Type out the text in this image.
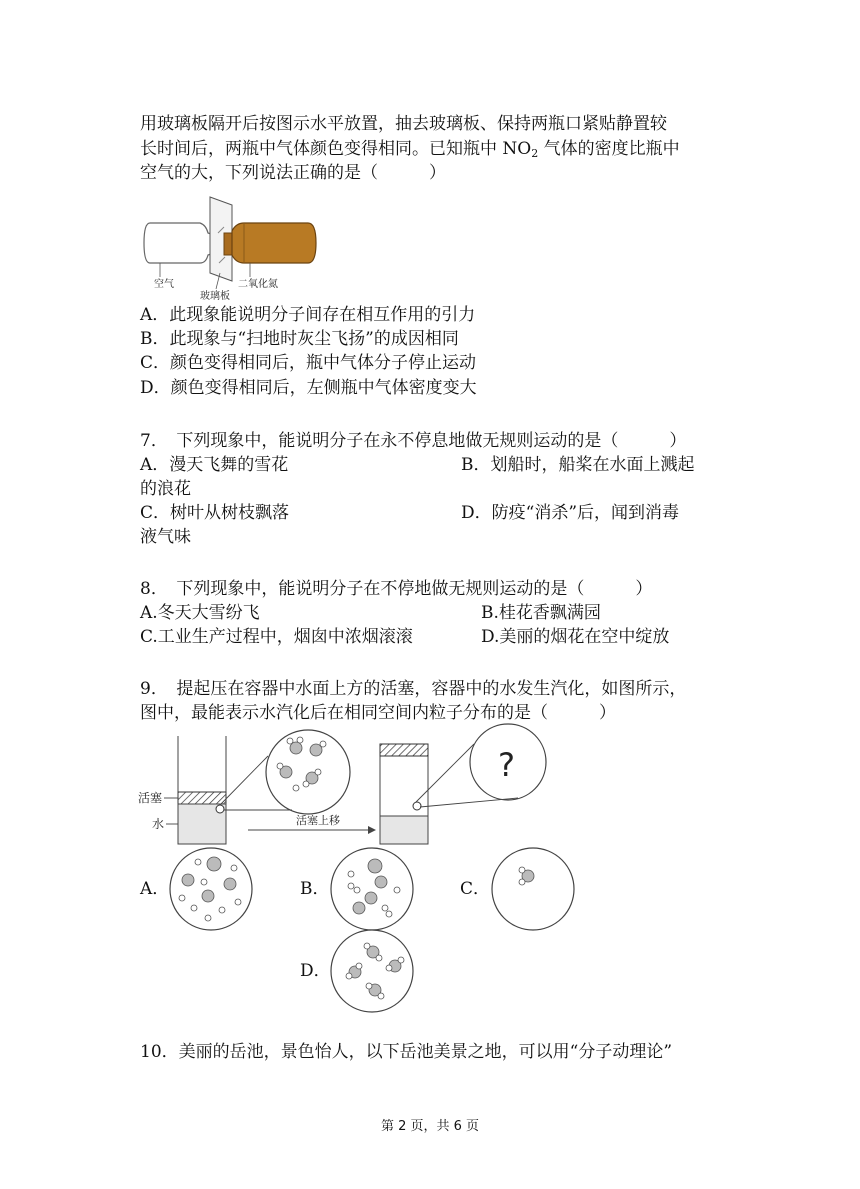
用玻璃板隔开后按图示水平放置，抽去玻璃板、保持两瓶口紧贴静置较
长时间后，两瓶中气体颜色变得相同。已知瓶中 $NO_2$ 气体的密度比瓶中
空气的大，下列说法正确的是（　　　）
空气
玻璃板
二氧化氮
A．此现象能说明分子间存在相互作用的引力
B．此现象与“扫地时灰尘飞扬”的成因相同
C．颜色变得相同后，瓶中气体分子停止运动
D．颜色变得相同后，左侧瓶中气体密度变大
7．　下列现象中，能说明分子在永不停息地做无规则运动的是（　　　）
A．漫天飞舞的雪花	B．划船时，船桨在水面上溅起
的浪花
C．树叶从树枝飘落	D．防疫“消杀”后，闻到消毒
液气味
8．　下列现象中，能说明分子在不停地做无规则运动的是（　　　）
A.冬天大雪纷飞	B.桂花香飘满园
C.工业生产过程中，烟囱中浓烟滚滚	D.美丽的烟花在空中绽放
9．　提起压在容器中水面上方的活塞，容器中的水发生汽化，如图所示，
图中，最能表示水汽化后在相同空间内粒子分布的是（　　　）
活塞
水	活塞上移
?
A．	B．	C．
D．
10．美丽的岳池，景色怡人，以下岳池美景之地，可以用“分子动理论”
第 2 页，共 6 页
